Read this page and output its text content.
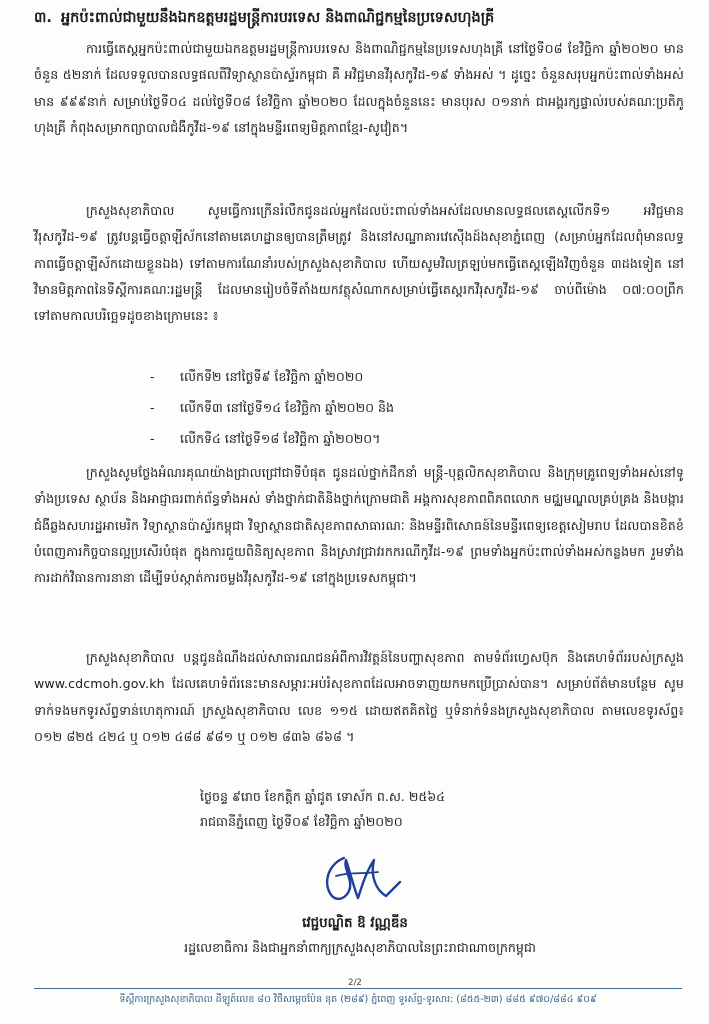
៣. អ្នកប៉ះពាល់ជាមួយនឹងឯកឧត្តមរដ្ឋមន្ត្រីការបរទេស និងពាណិជ្ជកម្មនៃប្រទេសហុងគ្រី

ការធ្វើតេស្តអ្នកប៉ះពាល់ជាមួយឯកឧត្តមរដ្ឋមន្ត្រីការបរទេស និងពាណិជ្ជកម្មនៃប្រទេសហុងគ្រី នៅថ្ងៃទី០៨ ខែវិច្ឆិកា ឆ្នាំ២០២០ មានចំនួន ៥២នាក់ ដែលទទួលបានលទ្ធផលពីវិទ្យាស្ថានប៉ាស្ទ័រកម្ពុជា គឺ អវិជ្ជមានវីរុសកូវីដ-១៩ ទាំងអស់ ។ ដូច្នេះ ចំនួនសរុបអ្នកប៉ះពាល់ទាំងអស់មាន ៩៩៩នាក់ សម្រាប់ថ្ងៃទី០៤ ដល់ថ្ងៃទី០៨ ខែវិច្ឆិកា ឆ្នាំ២០២០ ដែលក្នុងចំនួននេះ មានបុរស ០១នាក់ ជាអង្គរក្សផ្ទាល់របស់គណៈប្រតិភូហុងគ្រី កំពុងសម្រាកព្យាបាលជំងឺកូវីដ-១៩ នៅក្នុងមន្ទីរពេទ្យមិត្តភាពខ្មែរ-សូវៀត។

ក្រសួងសុខាភិបាល សូមធ្វើការក្រើនរំលឹកជូនដល់អ្នកដែលប៉ះពាល់ទាំងអស់ដែលមានលទ្ធផលតេស្តលើកទី១ អវិជ្ជមានវីរុសកូវីដ-១៩ ត្រូវបន្តធ្វើចត្តាឡីស័កនៅតាមគេហដ្ឋានឲ្យបានត្រឹមត្រូវ និងនៅសណ្ឋាគារវេស៊ើងដ៍ងសុខាភ្នំពេញ (សម្រាប់អ្នកដែលពុំមានលទ្ធភាពធ្វើចត្តាឡីស័កដោយខ្លួនឯង) ទៅតាមការណែនាំរបស់ក្រសួងសុខាភិបាល ហើយសូមវិលត្រឡប់មកធ្វើតេស្តឡើងវិញចំនួន ៣ដងទៀត នៅវិមានមិត្តភាពនៃទីស្តីការគណៈរដ្ឋមន្ត្រី ដែលមានរៀបចំទីតាំងយកវត្ថុសំណាកសម្រាប់ធ្វើតេស្តរកវីរុសកូវីដ-១៩ ចាប់ពីម៉ោង ០៧:០០ព្រឹក ទៅតាមកាលបរិច្ឆេទដូចខាងក្រោមនេះ ៖

- លើកទី២ នៅថ្ងៃទី៩ ខែវិច្ឆិកា ឆ្នាំ២០២០
- លើកទី៣ នៅថ្ងៃទី១៤ ខែវិច្ឆិកា ឆ្នាំ២០២០ និង
- លើកទី៤ នៅថ្ងៃទី១៨ ខែវិច្ឆិកា ឆ្នាំ២០២០។

ក្រសួងសូមថ្លែងអំណរគុណយ៉ាងជ្រាលជ្រៅជាទីបំផុត ជូនដល់ថ្នាក់ដឹកនាំ មន្ត្រី-បុគ្គលិកសុខាភិបាល និងក្រុមគ្រូពេទ្យទាំងអស់នៅទូទាំងប្រទេស ស្ថាប័ន និងអាជ្ញាធរពាក់ព័ន្ធទាំងអស់ ទាំងថ្នាក់ជាតិនិងថ្នាក់ក្រោមជាតិ អង្គការសុខភាពពិភពលោក មជ្ឈមណ្ឌលគ្រប់គ្រង និងបង្ការជំងឺឆ្លងសហរដ្ឋអាមេរិក វិទ្យាស្ថានប៉ាស្ទ័រកម្ពុជា វិទ្យាស្ថានជាតិសុខភាពសាធារណៈ និងមន្ទីរពិសោធន៍នៃមន្ទីរពេទ្យខេត្តសៀមរាប ដែលបានខិតខំបំពេញភារកិច្ចបានល្អប្រសើរបំផុត ក្នុងការជួយពិនិត្យសុខភាព និងស្រាវជ្រាវរកករណីកូវីដ-១៩ ព្រមទាំងអ្នកប៉ះពាល់ទាំងអស់កន្លងមក រួមទាំងការដាក់វិធានការនានា ដើម្បីទប់ស្កាត់ការចម្លងវីរុសកូវីដ-១៩ នៅក្នុងប្រទេសកម្ពុជា។

ក្រសួងសុខាភិបាល បន្តជូនដំណឹងដល់សាធារណជនអំពីការវិវត្តន៍នៃបញ្ហាសុខភាព តាមទំព័រហ្វេសប៊ុក និងគេហទំព័ររបស់ក្រសួង www.cdcmoh.gov.kh ដែលគេហទំព័រនេះមានសម្ភារៈអប់រំសុខភាពដែលអាចទាញយកមកប្រើប្រាស់បាន។ សម្រាប់ព័ត៌មានបន្ថែម សូមទាក់ទងមកទូរស័ព្ទទាន់ហេតុការណ៍ ក្រសួងសុខាភិបាល លេខ ១១៥ ដោយឥតគិតថ្លៃ ឬទំនាក់ទំនងក្រសួងសុខាភិបាល តាមលេខទូរស័ព្ទ៖ ០១២ ៨២៥ ៤២៤ ឬ ០១២ ៤៨៨ ៩៨១ ឬ ០១២ ៨៣៦ ៨៦៨ ។

ថ្ងៃចន្ទ ៩រោច ខែកត្តិក ឆ្នាំជូត ទោស័ក ព.ស. ២៥៦៤
រាជធានីភ្នំពេញ ថ្ងៃទី០៩ ខែវិច្ឆិកា ឆ្នាំ២០២០
វេជ្ជបណ្ឌិត ឱ វណ្ណឌីន
រដ្ឋលេខាធិការ និងជាអ្នកនាំពាក្យក្រសួងសុខាភិបាលនៃព្រះរាជាណាចក្រកម្ពុជា
2/2
ទីស្តីការក្រសួងសុខាភិបាល ដីឡូត៍លេខ ៨០ វិថីសម្តេចប៉ែន នុត (២៨៩) ភ្នំពេញ ទូរស័ព្ទ-ទូរសារ: (៨៥៥-២៣) ៨៨៥ ៩៧០/៨៨៤ ៩០៩
